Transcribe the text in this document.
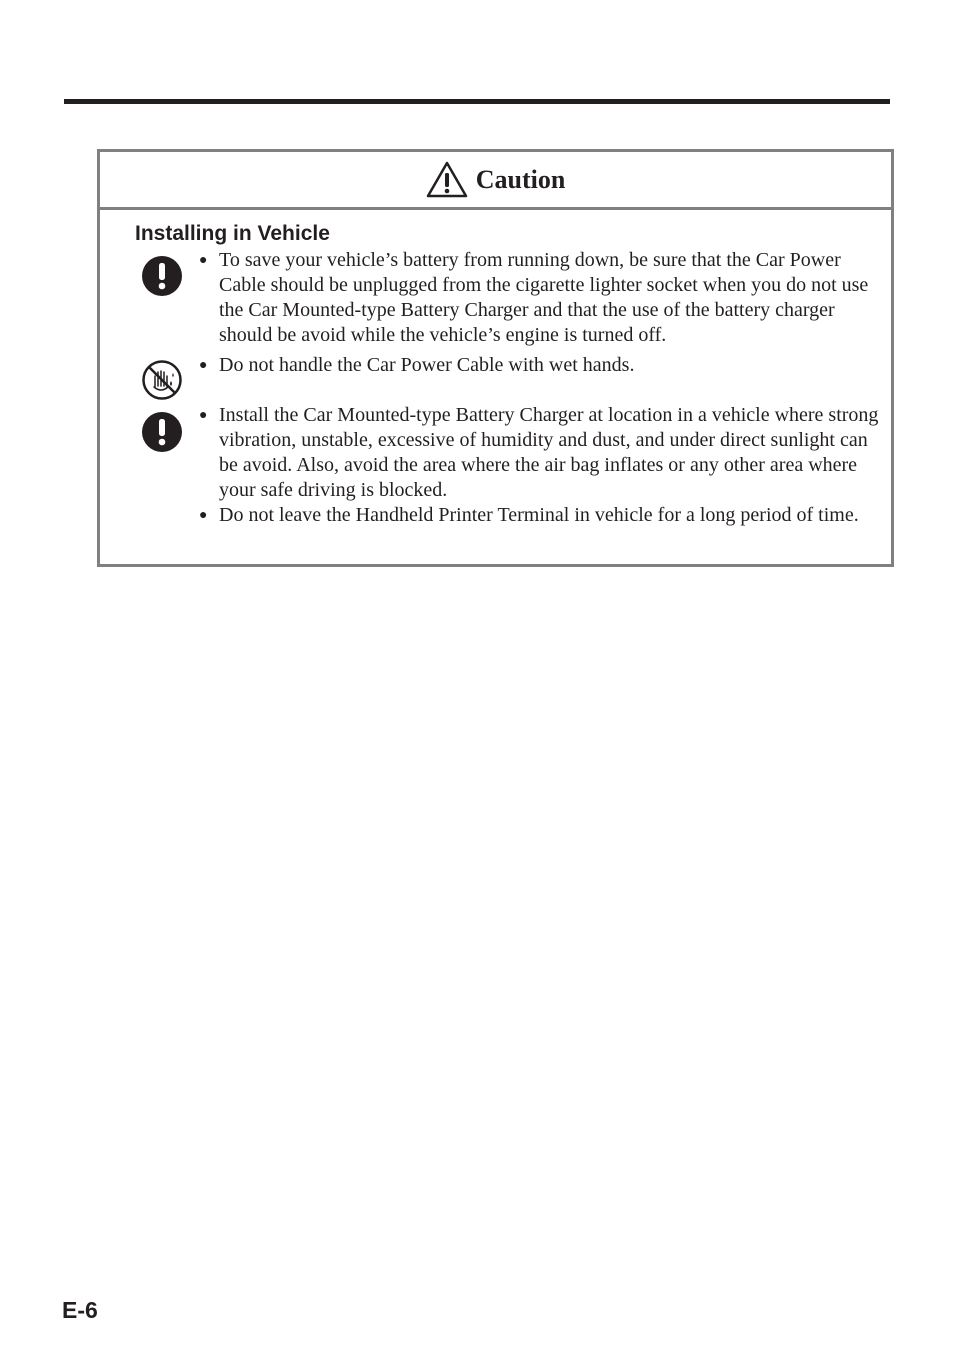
Caution
Installing in Vehicle
● To save your vehicle’s battery from running down, be sure that the Car Power Cable should be unplugged from the cigarette lighter socket when you do not use the Car Mounted-type Battery Charger and that the use of the battery charger should be avoid while the vehicle’s engine is turned off.
● Do not handle the Car Power Cable with wet hands.
● Install the Car Mounted-type Battery Charger at location in a vehicle where strong vibration, unstable, excessive of humidity and dust, and under direct sunlight can be avoid. Also, avoid the area where the air bag inflates or any other area where your safe driving is blocked.
● Do not leave the Handheld Printer Terminal in vehicle for a long period of time.
E-6
